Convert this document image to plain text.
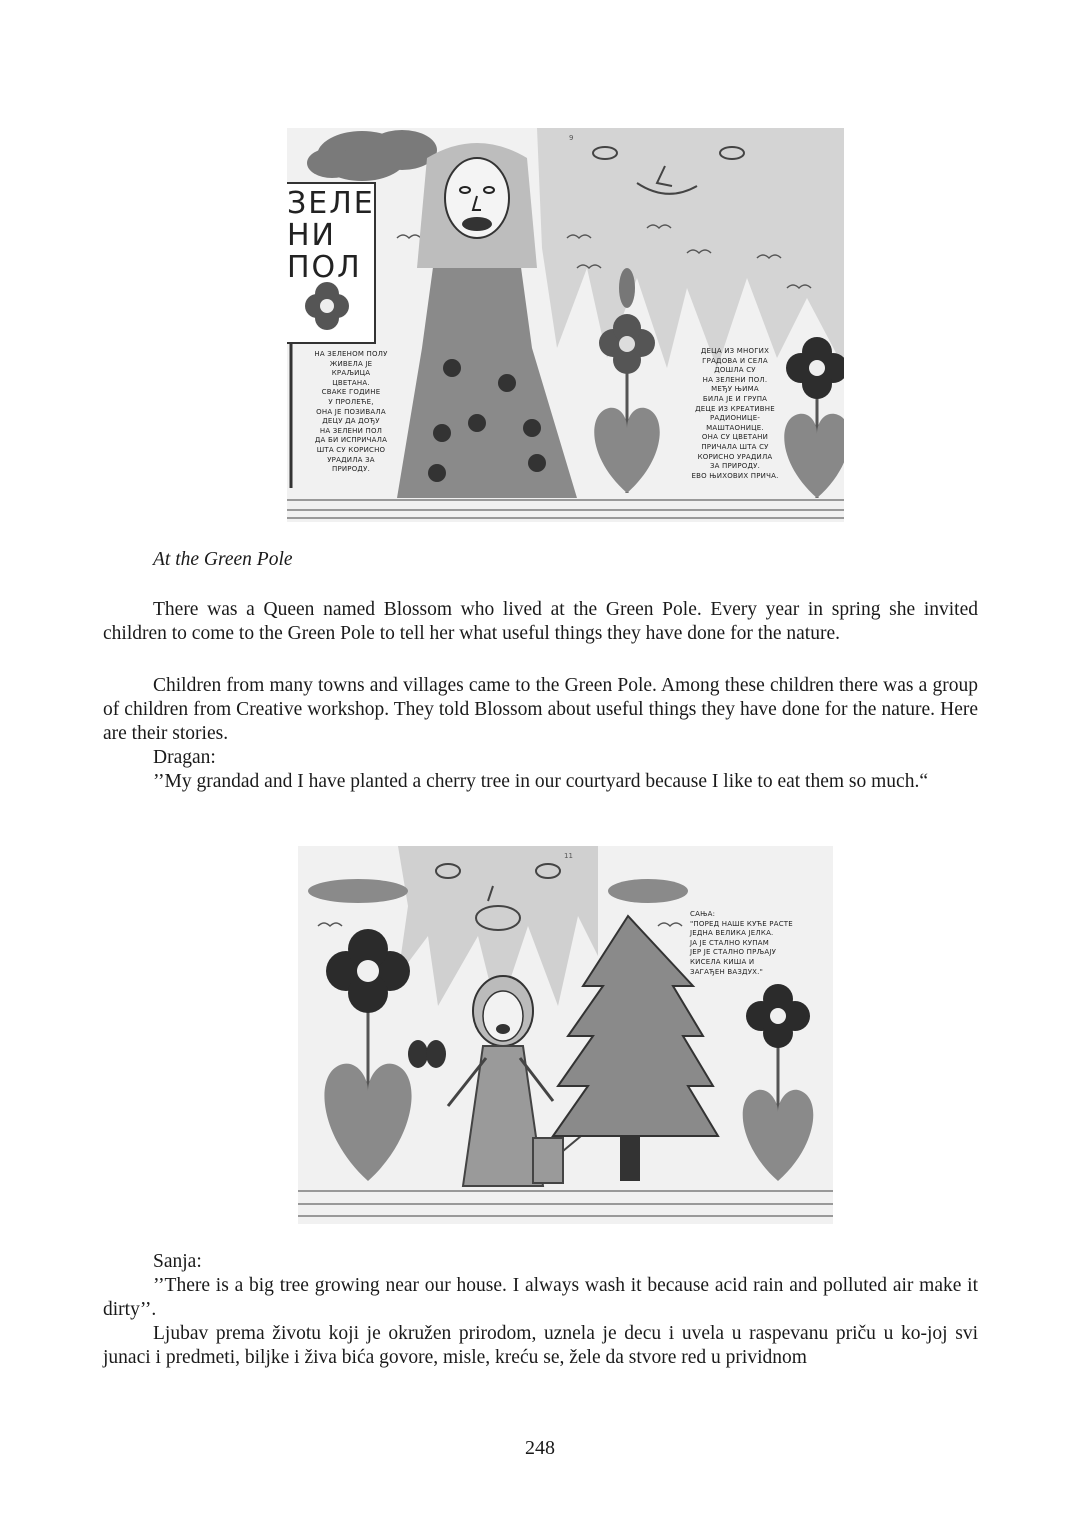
ЗЕЛЕ
НИ
ПОЛ
9
НА ЗЕЛЕНОМ ПОЛУ
ЖИВЕЛА ЈЕ
КРАЉИЦА
ЦВЕТАНА.
СВАКЕ ГОДИНЕ
У ПРОЛЕЋЕ,
ОНА ЈЕ ПОЗИВАЛА
ДЕЦУ ДА ДОЂУ
НА ЗЕЛЕНИ ПОЛ
ДА БИ ИСПРИЧАЛА
ШТА СУ КОРИСНО
УРАДИЛА ЗА
ПРИРОДУ.
ДЕЦА ИЗ МНОГИХ
ГРАДОВА И СЕЛА
ДОШЛА СУ
НА ЗЕЛЕНИ ПОЛ.
МЕЂУ ЊИМА
БИЛА ЈЕ И ГРУПА
ДЕЦЕ ИЗ КРЕАТИВНЕ
РАДИОНИЦЕ-
МАШТАОНИЦЕ.
ОНА СУ ЦВЕТАНИ
ПРИЧАЛА ШТА СУ
КОРИСНО УРАДИЛА
ЗА ПРИРОДУ.
ЕВО ЊИХОВИХ ПРИЧА.
At the Green Pole
There was a Queen named Blossom who lived at the Green Pole. Every year in spring she invited children to come to the Green Pole to tell her what useful things they have done for the nature.
Children from many towns and villages came to the Green Pole. Among these children there was a group of children from Creative workshop. They told Blossom about useful things they have done for the nature. Here are their stories.
Dragan:
’’My grandad and I have planted a cherry tree in our courtyard because I like to eat them so much.“
11
САЊА:
"ПОРЕД НАШЕ КУЋЕ РАСТЕ
ЈЕДНА ВЕЛИКА ЈЕЛКА.
ЈА ЈЕ СТАЛНО КУПАМ
ЈЕР ЈЕ СТАЛНО ПРЉАЈУ
КИСЕЛА КИША И
ЗАГАЂЕН ВАЗДУХ."
Sanja:
’’There is a big tree growing near our house. I always wash it because acid rain and polluted air make it dirty’’.
Ljubav prema životu koji je okružen prirodom, uznela je decu i uvela u raspevanu priču u ko-joj svi junaci i predmeti, biljke i živa bića govore, misle, kreću se, žele da stvore red u prividnom
248
